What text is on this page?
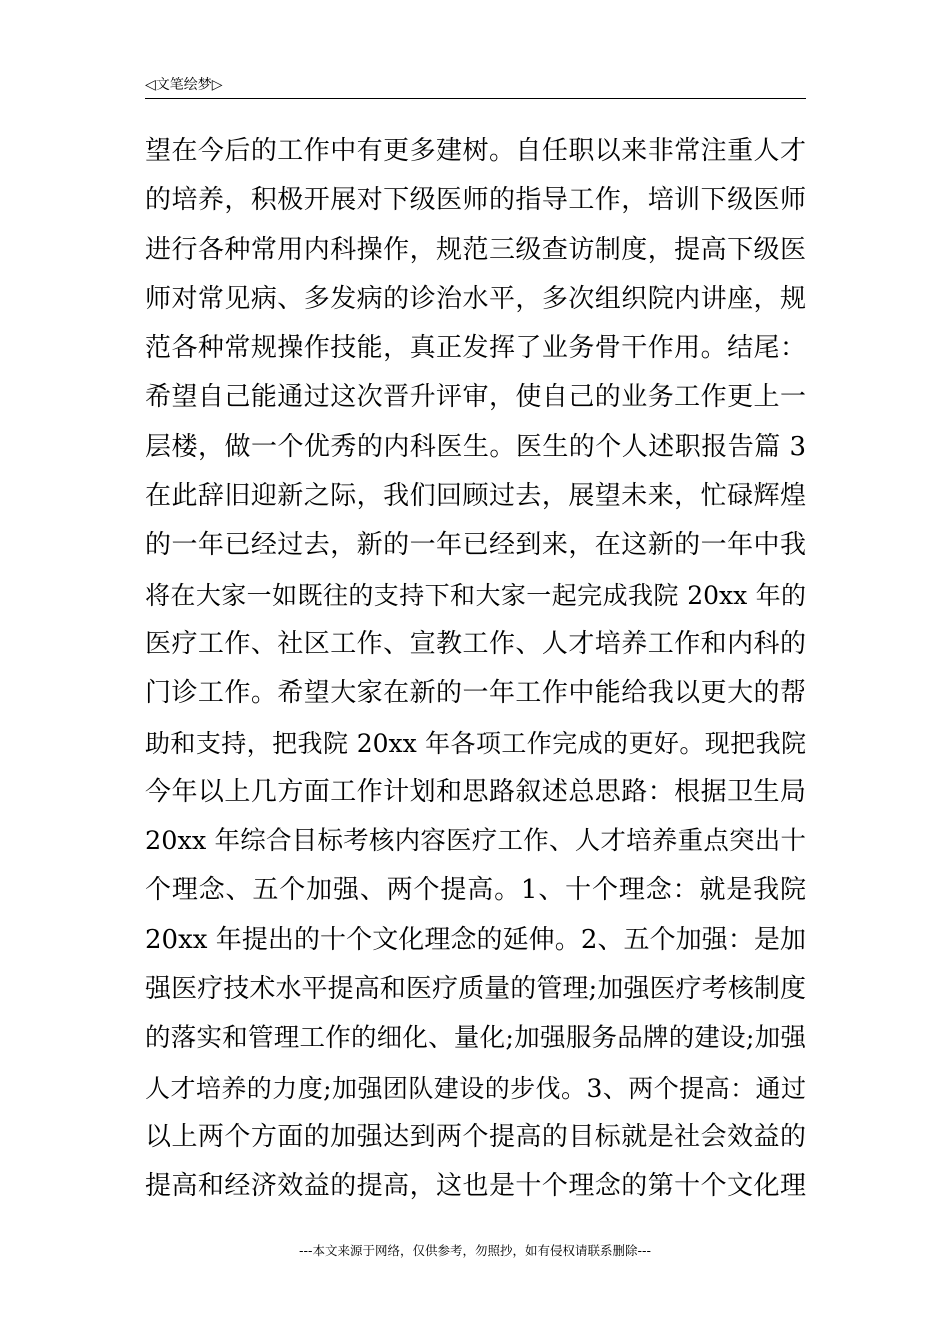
◁文笔绘梦▷
望在今后的工作中有更多建树。自任职以来非常注重人才
的培养，积极开展对下级医师的指导工作，培训下级医师
进行各种常用内科操作，规范三级查访制度，提高下级医
师对常见病、多发病的诊治水平，多次组织院内讲座，规
范各种常规操作技能，真正发挥了业务骨干作用。结尾：
希望自己能通过这次晋升评审，使自己的业务工作更上一
层楼，做一个优秀的内科医生。医生的个人述职报告篇 3
在此辞旧迎新之际，我们回顾过去，展望未来，忙碌辉煌
的一年已经过去，新的一年已经到来，在这新的一年中我
将在大家一如既往的支持下和大家一起完成我院 20xx 年的
医疗工作、社区工作、宣教工作、人才培养工作和内科的
门诊工作。希望大家在新的一年工作中能给我以更大的帮
助和支持，把我院 20xx 年各项工作完成的更好。现把我院
今年以上几方面工作计划和思路叙述总思路：根据卫生局
20xx 年综合目标考核内容医疗工作、人才培养重点突出十
个理念、五个加强、两个提高。1、十个理念：就是我院
20xx 年提出的十个文化理念的延伸。2、五个加强：是加
强医疗技术水平提高和医疗质量的管理;加强医疗考核制度
的落实和管理工作的细化、量化;加强服务品牌的建设;加强
人才培养的力度;加强团队建设的步伐。3、两个提高：通过
以上两个方面的加强达到两个提高的目标就是社会效益的
提高和经济效益的提高，这也是十个理念的第十个文化理
---本文来源于网络，仅供参考，勿照抄，如有侵权请联系删除---
